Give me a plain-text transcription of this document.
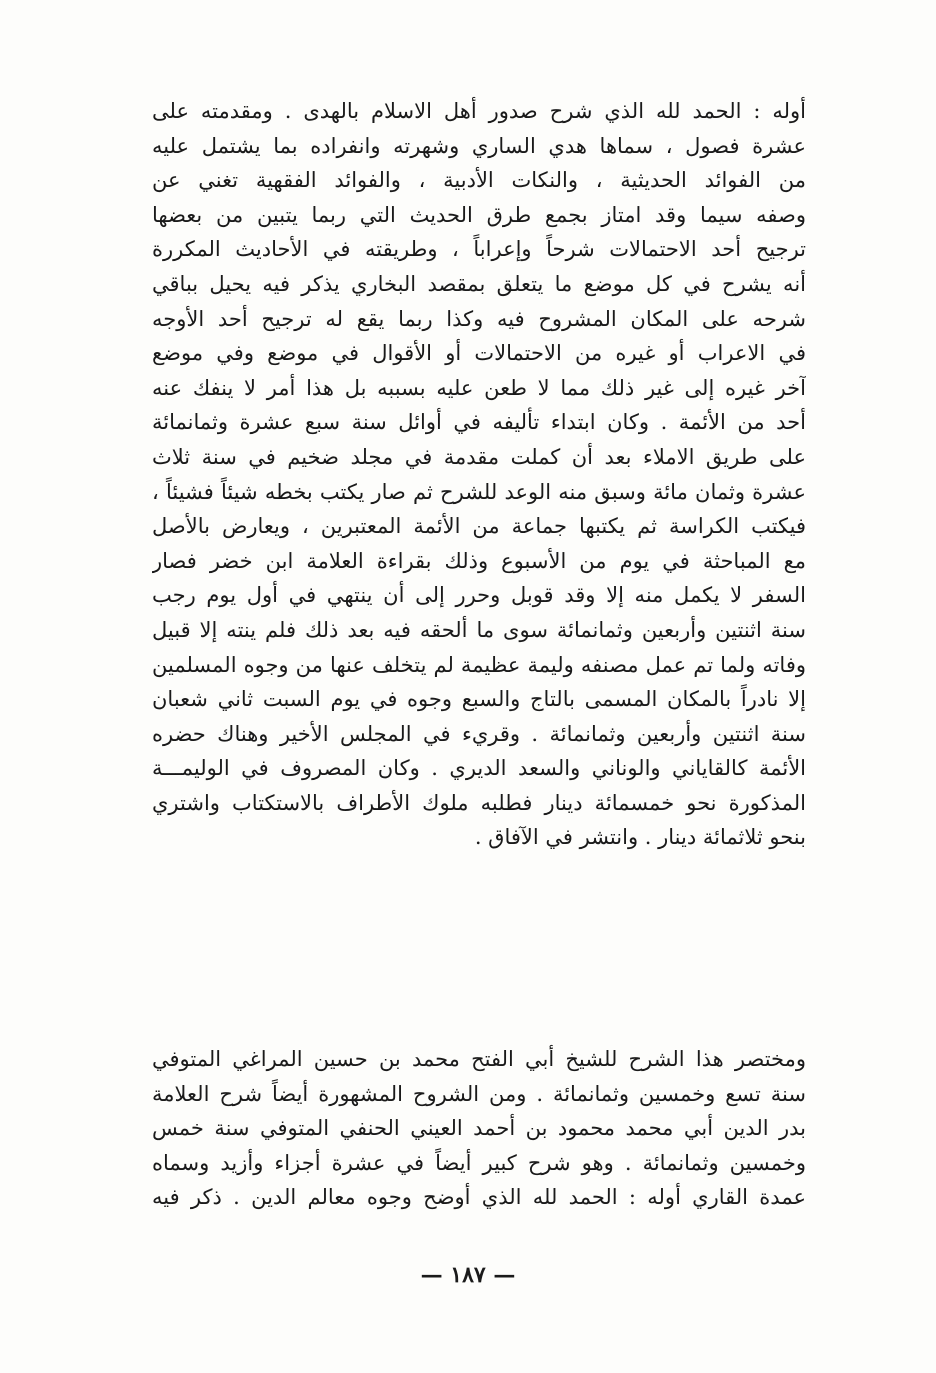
أوله : الحمد لله الذي شرح صدور أهل الاسلام بالهدى . ومقدمته على
عشرة فصول ، سماها هدي الساري وشهرته وانفراده بما يشتمل عليه
من الفوائد الحديثية ، والنكات الأدبية ، والفوائد الفقهية تغني عن
وصفه سيما وقد امتاز بجمع طرق الحديث التي ربما يتبين من بعضها
ترجيح أحد الاحتمالات شرحاً وإعراباً ، وطريقته في الأحاديث المكررة
أنه يشرح في كل موضع ما يتعلق بمقصد البخاري يذكر فيه يحيل بباقي
شرحه على المكان المشروح فيه وكذا ربما يقع له ترجيح أحد الأوجه
في الاعراب أو غيره من الاحتمالات أو الأقوال في موضع وفي موضع
آخر غيره إلى غير ذلك مما لا طعن عليه بسببه بل هذا أمر لا ينفك عنه
أحد من الأئمة . وكان ابتداء تأليفه في أوائل سنة سبع عشرة وثمانمائة
على طريق الاملاء بعد أن كملت مقدمة في مجلد ضخيم في سنة ثلاث
عشرة وثمان مائة وسبق منه الوعد للشرح ثم صار يكتب بخطه شيئاً فشيئاً ،
فيكتب الكراسة ثم يكتبها جماعة من الأئمة المعتبرين ، ويعارض بالأصل
مع المباحثة في يوم من الأسبوع وذلك بقراءة العلامة ابن خضر فصار
السفر لا يكمل منه إلا وقد قوبل وحرر إلى أن ينتهي في أول يوم رجب
سنة اثنتين وأربعين وثمانمائة سوى ما ألحقه فيه بعد ذلك فلم ينته إلا قبيل
وفاته ولما تم عمل مصنفه وليمة عظيمة لم يتخلف عنها من وجوه المسلمين
إلا نادراً بالمكان المسمى بالتاج والسبع وجوه في يوم السبت ثاني شعبان
سنة اثنتين وأربعين وثمانمائة . وقريء في المجلس الأخير وهناك حضره
الأئمة كالقاياني والوناني والسعد الديري . وكان المصروف في الوليمـــة
المذكورة نحو خمسمائة دينار فطلبه ملوك الأطراف بالاستكتاب واشتري
بنحو ثلاثمائة دينار . وانتشر في الآفاق .
ومختصر هذا الشرح للشيخ أبي الفتح محمد بن حسين المراغي المتوفي
سنة تسع وخمسين وثمانمائة . ومن الشروح المشهورة أيضاً شرح العلامة
بدر الدين أبي محمد محمود بن أحمد العيني الحنفي المتوفي سنة خمس
وخمسين وثمانمائة . وهو شرح كبير أيضاً في عشرة أجزاء وأزيد وسماه
عمدة القاري أوله : الحمد لله الذي أوضح وجوه معالم الدين . ذكر فيه
— ١٨٧ —
